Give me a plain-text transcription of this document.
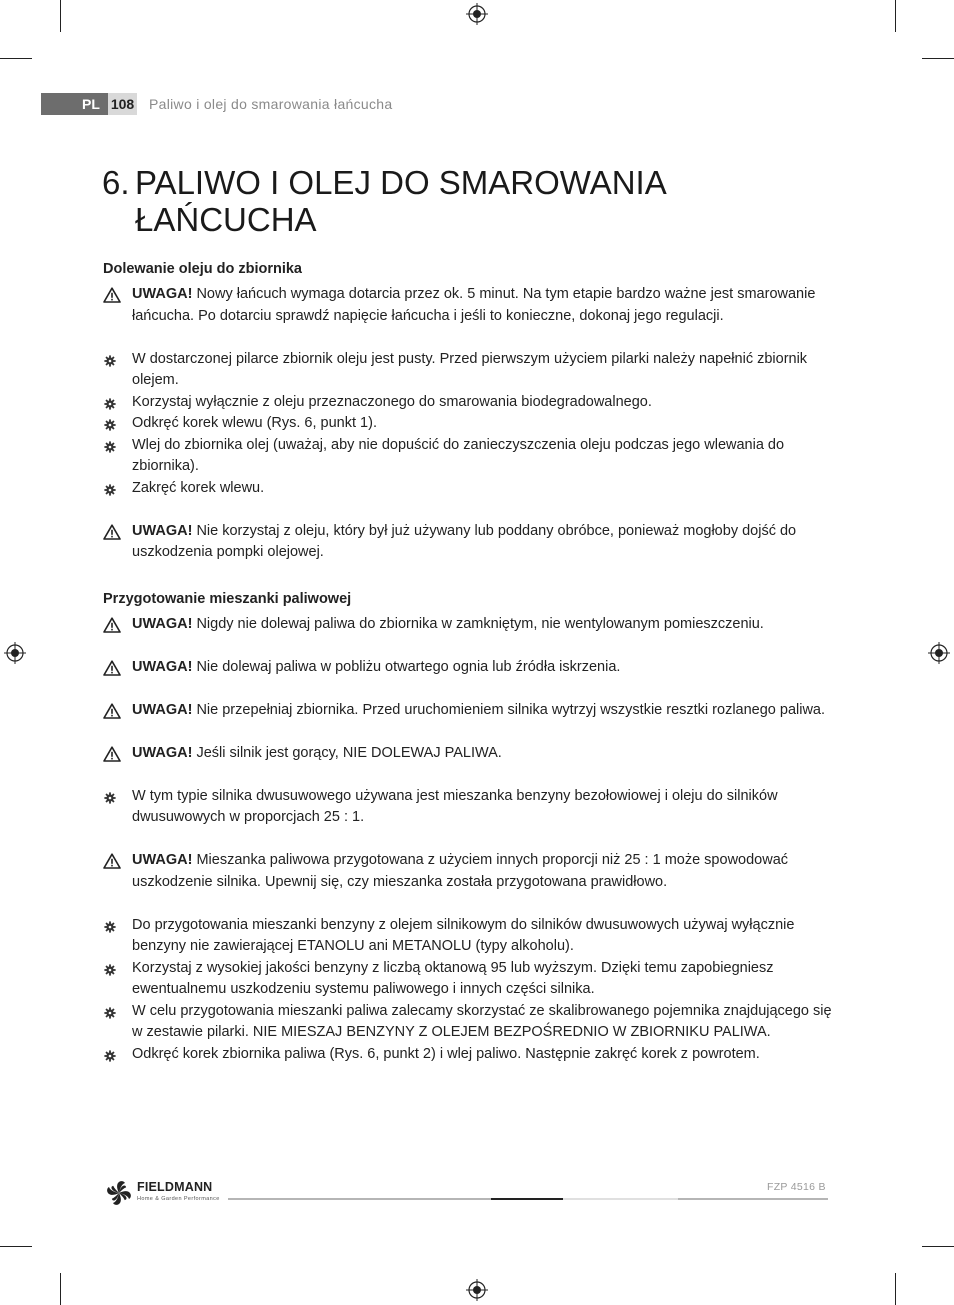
PL 108 Paliwo i olej do smarowania łańcucha
6. PALIWO I OLEJ DO SMAROWANIA
ŁAŃCUCHA
Dolewanie oleju do zbiornika
UWAGA! Nowy łańcuch wymaga dotarcia przez ok. 5 minut. Na tym etapie bardzo ważne jest smarowanie łańcucha. Po dotarciu sprawdź napięcie łańcucha i jeśli to konieczne, dokonaj jego regulacji.
W dostarczonej pilarce zbiornik oleju jest pusty. Przed pierwszym użyciem pilarki należy napełnić zbiornik olejem.
Korzystaj wyłącznie z oleju przeznaczonego do smarowania biodegradowalnego.
Odkręć korek wlewu (Rys. 6, punkt 1).
Wlej do zbiornika olej (uważaj, aby nie dopuścić do zanieczyszczenia oleju podczas jego wlewania do zbiornika).
Zakręć korek wlewu.
UWAGA! Nie korzystaj z oleju, który był już używany lub poddany obróbce, ponieważ mogłoby dojść do uszkodzenia pompki olejowej.
Przygotowanie mieszanki paliwowej
UWAGA! Nigdy nie dolewaj paliwa do zbiornika w zamkniętym, nie wentylowanym pomieszczeniu.
UWAGA! Nie dolewaj paliwa w pobliżu otwartego ognia lub źródła iskrzenia.
UWAGA! Nie przepełniaj zbiornika. Przed uruchomieniem silnika wytrzyj wszystkie resztki rozlanego paliwa.
UWAGA! Jeśli silnik jest gorący, NIE DOLEWAJ PALIWA.
W tym typie silnika dwusuwowego używana jest mieszanka benzyny bezołowiowej i oleju do silników dwusuwowych w proporcjach 25 : 1.
UWAGA! Mieszanka paliwowa przygotowana z użyciem innych proporcji niż 25 : 1 może spowodować uszkodzenie silnika. Upewnij się, czy mieszanka została przygotowana prawidłowo.
Do przygotowania mieszanki benzyny z olejem silnikowym do silników dwusuwowych używaj wyłącznie benzyny nie zawierającej ETANOLU ani METANOLU (typy alkoholu).
Korzystaj z wysokiej jakości benzyny z liczbą oktanową 95 lub wyższym. Dzięki temu zapobiegniesz ewentualnemu uszkodzeniu systemu paliwowego i innych części silnika.
W celu przygotowania mieszanki paliwa zalecamy skorzystać ze skalibrowanego pojemnika znajdującego się w zestawie pilarki. NIE MIESZAJ BENZYNY Z OLEJEM BEZPOŚREDNIO W ZBIORNIKU PALIWA.
Odkręć korek zbiornika paliwa (Rys. 6, punkt 2) i wlej paliwo. Następnie zakręć korek z powrotem.
FIELDMANN
Home & Garden Performance
FZP 4516 B
